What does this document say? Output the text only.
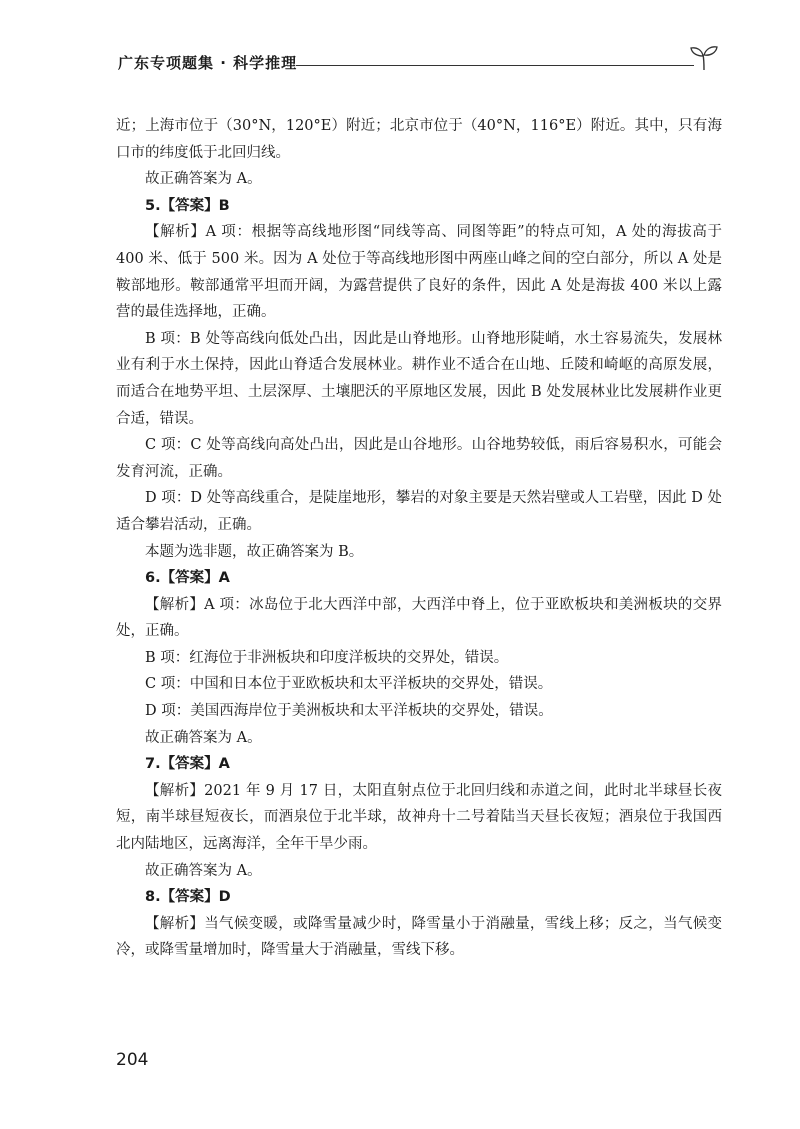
广东专项题集 · 科学推理

近；上海市位于（30°N，120°E）附近；北京市位于（40°N，116°E）附近。其中，只有海口市的纬度低于北回归线。

故正确答案为 A。

5.【答案】B

【解析】A 项：根据等高线地形图“同线等高、同图等距”的特点可知，A 处的海拔高于 400 米、低于 500 米。因为 A 处位于等高线地形图中两座山峰之间的空白部分，所以 A 处是鞍部地形。鞍部通常平坦而开阔，为露营提供了良好的条件，因此 A 处是海拔 400 米以上露营的最佳选择地，正确。

B 项：B 处等高线向低处凸出，因此是山脊地形。山脊地形陡峭，水土容易流失，发展林业有利于水土保持，因此山脊适合发展林业。耕作业不适合在山地、丘陵和崎岖的高原发展，而适合在地势平坦、土层深厚、土壤肥沃的平原地区发展，因此 B 处发展林业比发展耕作业更合适，错误。

C 项：C 处等高线向高处凸出，因此是山谷地形。山谷地势较低，雨后容易积水，可能会发育河流，正确。

D 项：D 处等高线重合，是陡崖地形，攀岩的对象主要是天然岩壁或人工岩壁，因此 D 处适合攀岩活动，正确。

本题为选非题，故正确答案为 B。

6.【答案】A

【解析】A 项：冰岛位于北大西洋中部，大西洋中脊上，位于亚欧板块和美洲板块的交界处，正确。

B 项：红海位于非洲板块和印度洋板块的交界处，错误。

C 项：中国和日本位于亚欧板块和太平洋板块的交界处，错误。

D 项：美国西海岸位于美洲板块和太平洋板块的交界处，错误。

故正确答案为 A。

7.【答案】A

【解析】2021 年 9 月 17 日，太阳直射点位于北回归线和赤道之间，此时北半球昼长夜短，南半球昼短夜长，而酒泉位于北半球，故神舟十二号着陆当天昼长夜短；酒泉位于我国西北内陆地区，远离海洋，全年干旱少雨。

故正确答案为 A。

8.【答案】D

【解析】当气候变暖，或降雪量减少时，降雪量小于消融量，雪线上移；反之，当气候变冷，或降雪量增加时，降雪量大于消融量，雪线下移。

204
